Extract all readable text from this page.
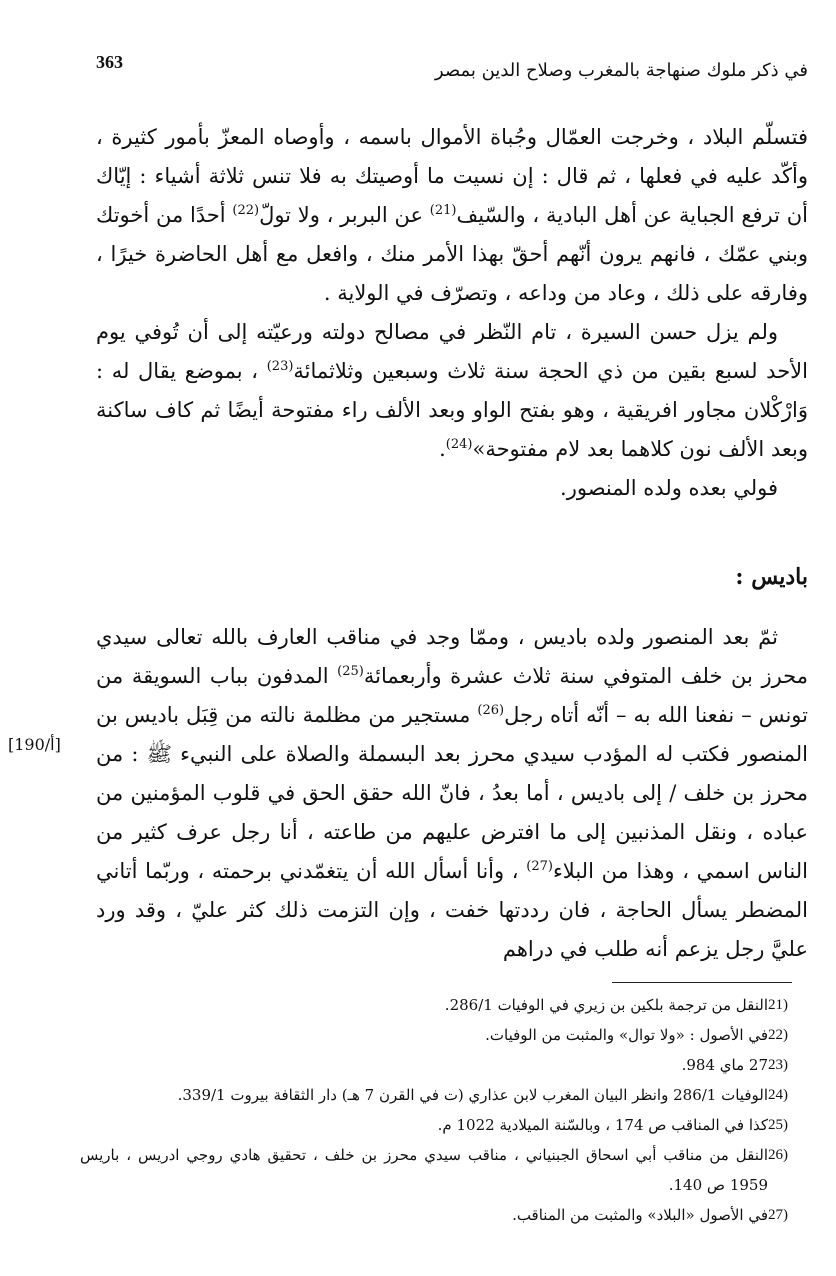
363	في ذكر ملوك صنهاجة بالمغرب وصلاح الدين بمصر

فتسلّم البلاد ، وخرجت العمّال وجُباة الأموال باسمه ، وأوصاه المعزّ بأمور كثيرة ، وأكّد عليه في فعلها ، ثم قال : إن نسيت ما أوصيتك به فلا تنس ثلاثة أشياء : إيّاك أن ترفع الجباية عن أهل البادية ، والسّيف$^{(21)}$ عن البربر ، ولا تولّ$^{(22)}$ أحدًا من أخوتك وبني عمّك ، فانهم يرون أنّهم أحقّ بهذا الأمر منك ، وافعل مع أهل الحاضرة خيرًا ، وفارقه على ذلك ، وعاد من وداعه ، وتصرّف في الولاية .

ولم يزل حسن السيرة ، تام النّظر في مصالح دولته ورعيّته إلى أن تُوفي يوم الأحد لسبع بقين من ذي الحجة سنة ثلاث وسبعين وثلاثمائة$^{(23)}$ ، بموضع يقال له : وَارْكْلان مجاور افريقية ، وهو بفتح الواو وبعد الألف راء مفتوحة أيضًا ثم كاف ساكنة وبعد الألف نون كلاهما بعد لام مفتوحة»$^{(24)}$.

فولي بعده ولده المنصور.

باديس :

ثمّ بعد المنصور ولده باديس ، وممّا وجد في مناقب العارف بالله تعالى سيدي محرز بن خلف المتوفي سنة ثلاث عشرة وأربعمائة$^{(25)}$ المدفون بباب السويقة من تونس – نفعنا الله به – أنّه أتاه رجل$^{(26)}$ مستجير من مظلمة نالته من قِبَل باديس بن المنصور فكتب له المؤدب سيدي محرز بعد البسملة والصلاة على النبيء ﷺ : من محرز بن خلف / إلى باديس ، أما بعدُ ، فانّ الله حقق الحق في قلوب المؤمنين من عباده ، ونقل المذنبين إلى ما افترض عليهم من طاعته ، أنا رجل عرف كثير من الناس اسمي ، وهذا من البلاء$^{(27)}$ ، وأنا أسأل الله أن يتغمّدني برحمته ، وربّما أتاني المضطر يسأل الحاجة ، فان رددتها خفت ، وإن التزمت ذلك كثر عليّ ، وقد ورد عليَّ رجل يزعم أنه طلب في دراهم

[190/أ]
21)
النقل من ترجمة بلكين بن زيري في الوفيات 286/1.
22)
في الأصول : «ولا توال» والمثبت من الوفيات.
23)
27 ماي 984.
24)
الوفيات 286/1 وانظر البيان المغرب لابن عذاري (ت في القرن 7 هـ) دار الثقافة بيروت 339/1.
25)
كذا في المناقب ص 174 ، وبالسّنة الميلادية 1022 م.
26)
النقل من مناقب أبي اسحاق الجبنياني ، مناقب سيدي محرز بن خلف ، تحقيق هادي روجي ادريس ، باريس 1959 ص 140.
27)
في الأصول «البلاد» والمثبت من المناقب.
